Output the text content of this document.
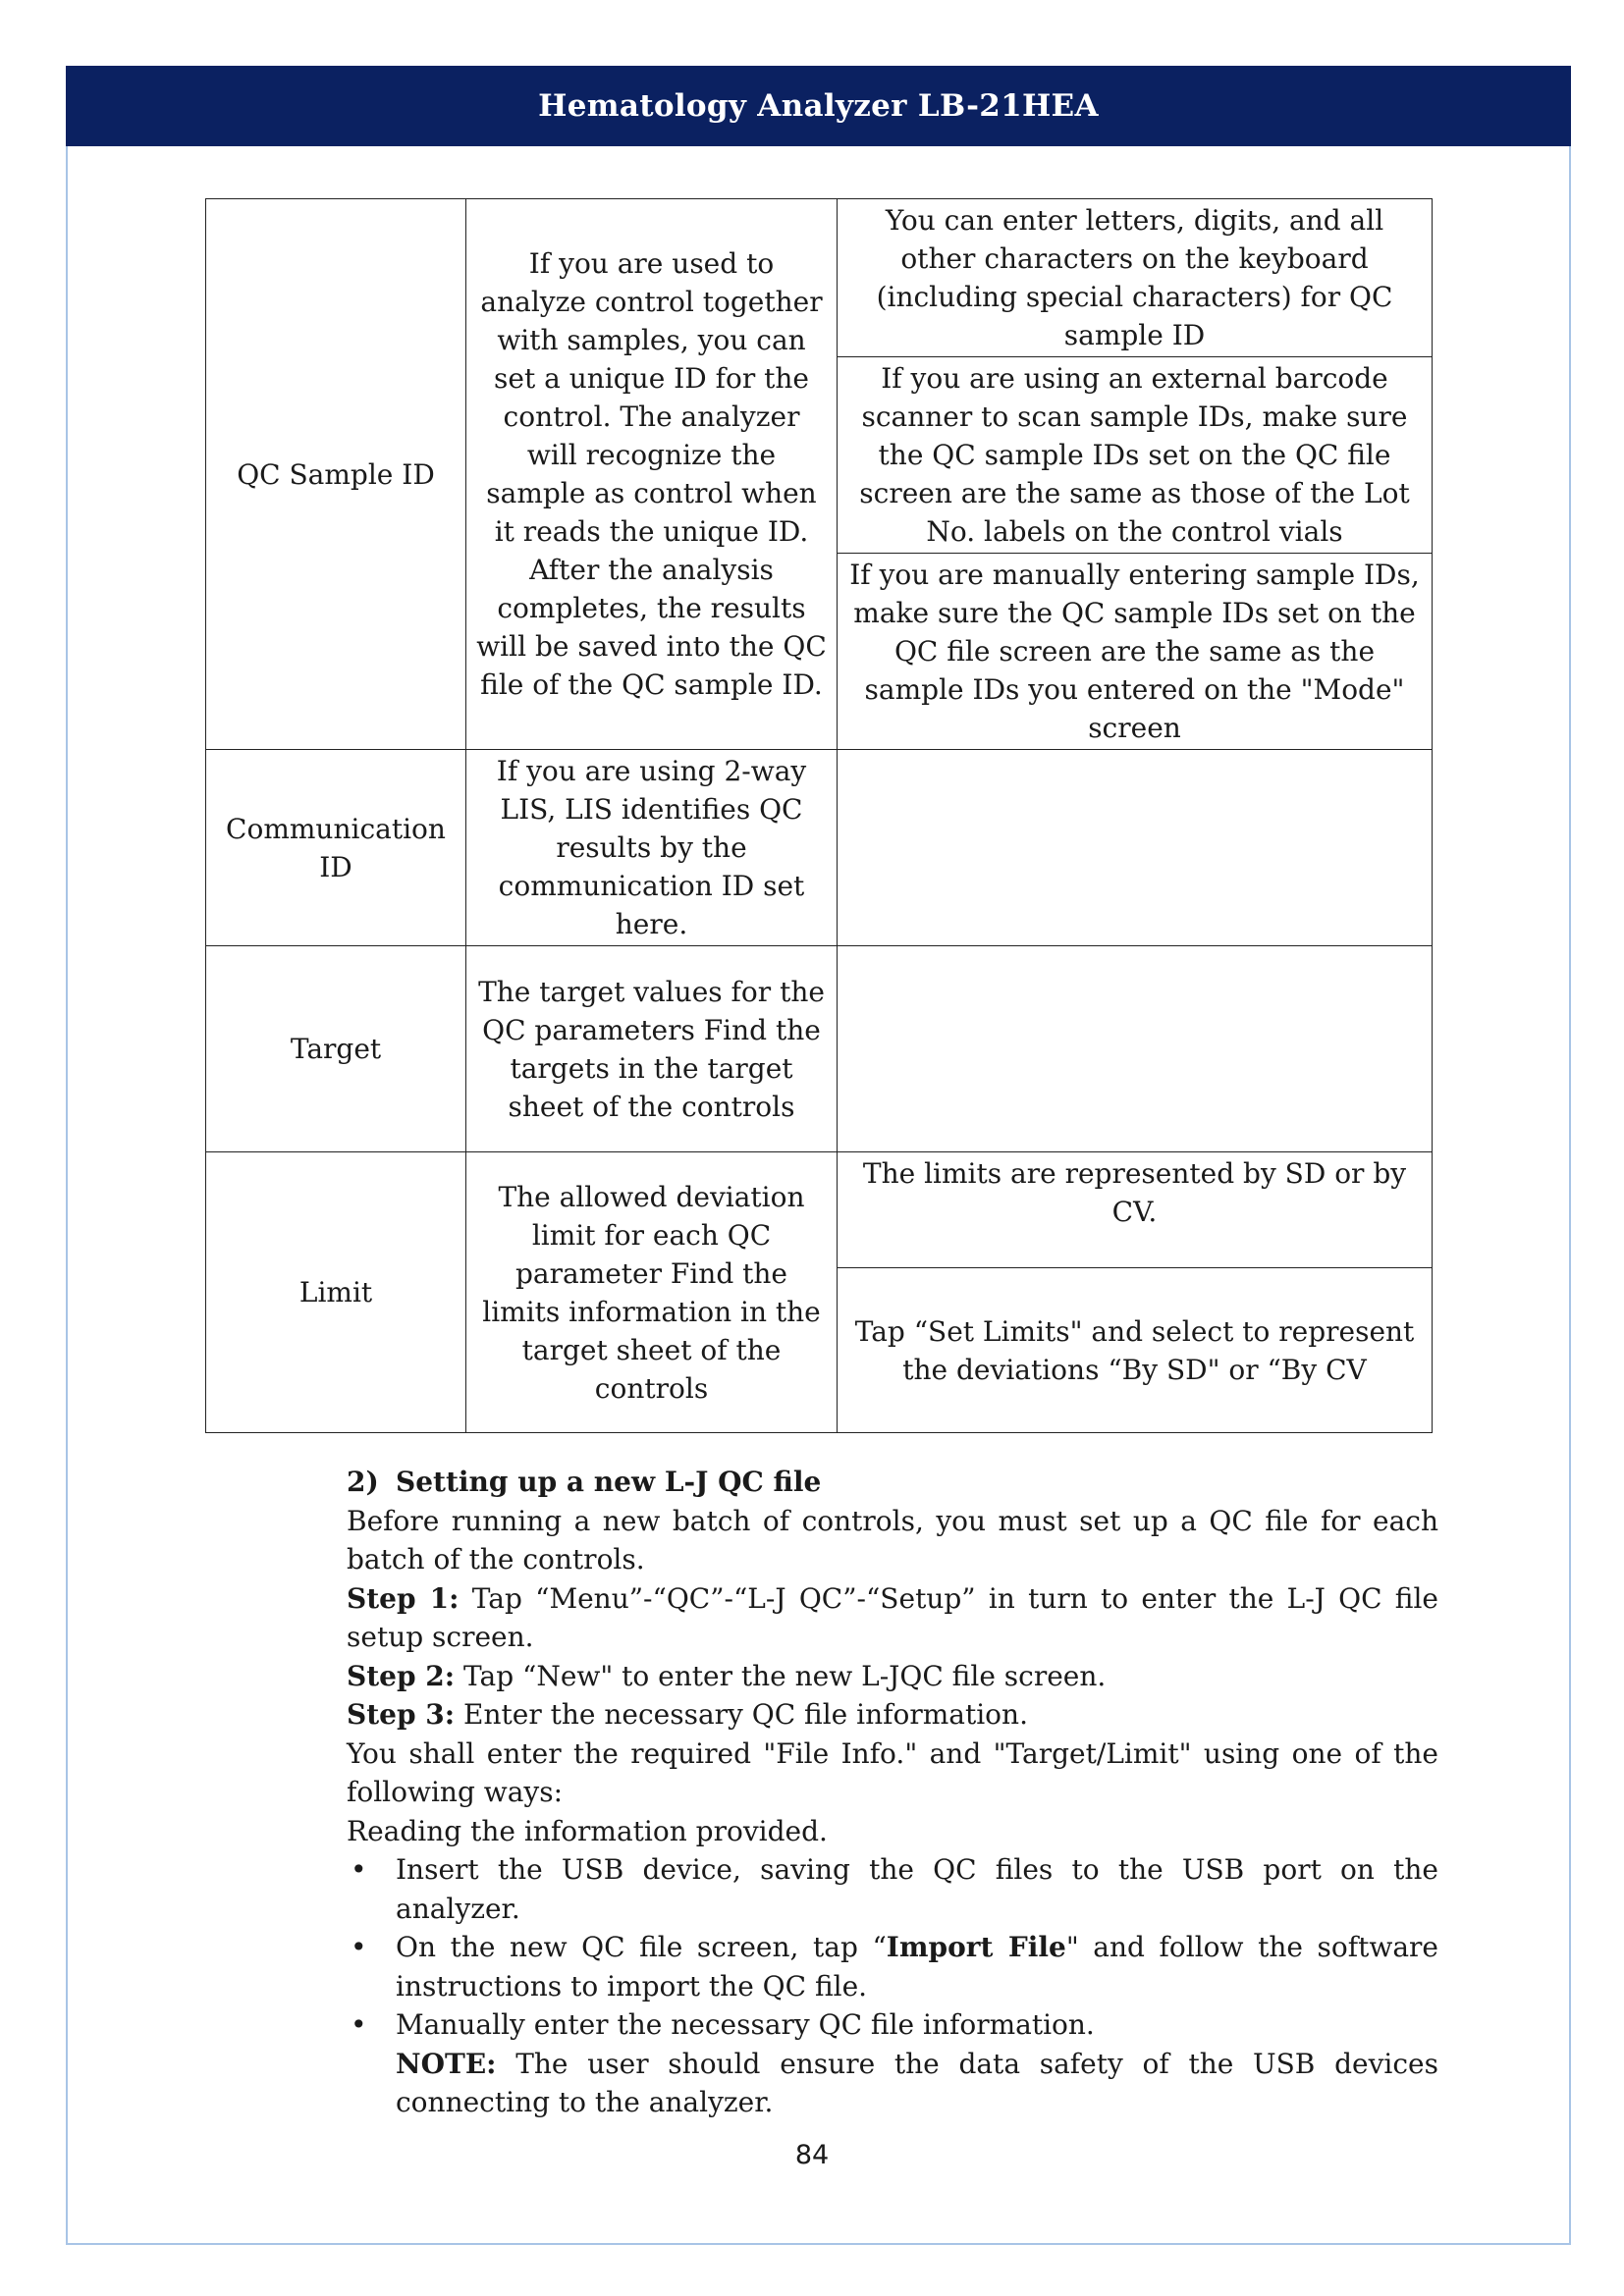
Hematology Analyzer LB-21HEA
QC Sample ID	If you are used to analyze control together with samples, you can set a unique ID for the control. The analyzer will recognize the sample as control when it reads the unique ID. After the analysis completes, the results will be saved into the QC file of the QC sample ID.	You can enter letters, digits, and all other characters on the keyboard (including special characters) for QC sample ID
		If you are using an external barcode scanner to scan sample IDs, make sure the QC sample IDs set on the QC file screen are the same as those of the Lot No. labels on the control vials
		If you are manually entering sample IDs, make sure the QC sample IDs set on the QC file screen are the same as the sample IDs you entered on the "Mode" screen
Communication ID	If you are using 2-way LIS, LIS identifies QC results by the communication ID set here.	
Target	The target values for the QC parameters Find the targets in the target sheet of the controls	
Limit	The allowed deviation limit for each QC parameter Find the limits information in the target sheet of the controls	The limits are represented by SD or by CV.
		Tap “Set Limits" and select to represent the deviations “By SD" or “By CV

2) Setting up a new L-J QC file

Before running a new batch of controls, you must set up a QC file for each batch of the controls.

Step 1: Tap “Menu”-“QC”-“L-J QC”-“Setup” in turn to enter the L-J QC file setup screen.

Step 2: Tap “New" to enter the new L-JQC file screen.

Step 3: Enter the necessary QC file information.

You shall enter the required "File Info." and "Target/Limit" using one of the following ways:

Reading the information provided.

• Insert the USB device, saving the QC files to the USB port on the analyzer.
• On the new QC file screen, tap “Import File" and follow the software instructions to import the QC file.
• Manually enter the necessary QC file information.
NOTE: The user should ensure the data safety of the USB devices connecting to the analyzer.
84
